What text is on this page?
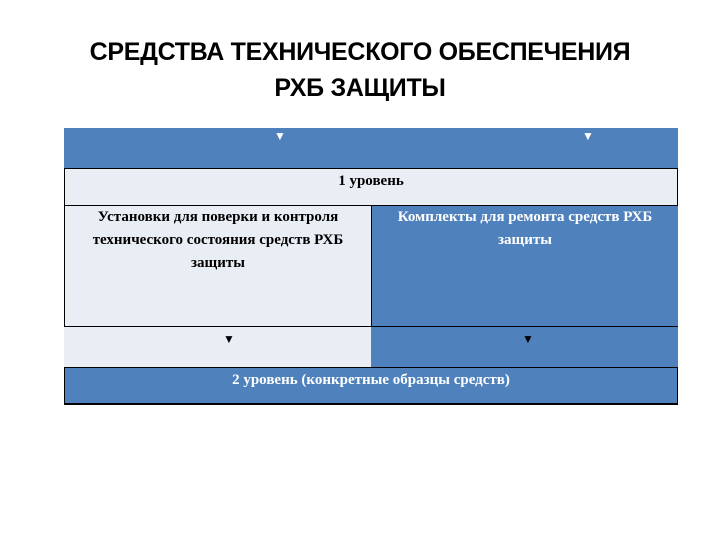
СРЕДСТВА ТЕХНИЧЕСКОГО ОБЕСПЕЧЕНИЯ
РХБ ЗАЩИТЫ
▼	▼
1 уровень
Установки для поверки и контроля технического состояния средств РХБ защиты
Комплекты для ремонта средств РХБ защиты
▼	▼
2 уровень (конкретные образцы средств)
